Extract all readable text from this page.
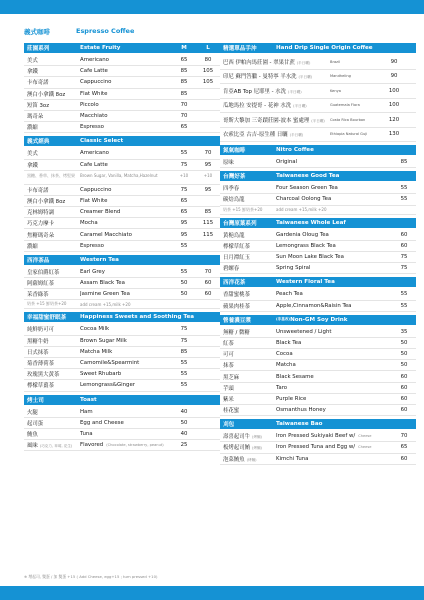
義式咖啡	Espresso Coffee
莊園系列	Estate Fruity	M	L
美式	Americano	65	80
拿鐵	Cafe Latte	85	105
卡布奇諾	Cappuccino	85	105
澳白小拿鐵 8oz	Flat White	85
短笛 3oz	Piccolo	70
瑪奇朵	Macchiato	70
濃縮	Espresso	65
義式經典	Classic Select
美式	Americano	55	70
拿鐵	Cafe Latte	75	95
黑糖、香草、抹茶、烤堅果	Brown Sugar, Vanilla, Matcha,Hazelnut	+10	+10
卡布奇諾	Cappuccino	75	95
澳白小拿鐵 8oz	Flat White	65
克林姆特調	Creamer Blend	65	85
巧克力摩卡	Mocha	95	115
焦糖瑪奇朵	Caramel Macchiato	95	115
濃縮	Espresso	55
西洋茶品	Western Tea
皇家伯爵紅茶	Earl Grey	55	70
阿薩姆紅茶	Assam Black Tea	50	60
茉香綠茶	Jasmine Green Tea	50	60
奶茶 +15 鮮奶茶+20	add cream +15,milk +20
幸福甜蜜舒眠茶	Happiness Sweets and Soothing Tea
純鮮奶可可	Cocoa Milk	75
黑糖牛奶	Brown Sugar Milk	75
日式抹茶	Matcha Milk	85
菊香薄荷茶	Camomile&Spearmint	55
玫瑰黑大黃茶	Sweet Rhubarb	55
檸檬草薑茶	Lemongrass&Ginger	55
烤土司	Toast
火腿	Ham	40
起司蛋	Egg and Cheese	50
鮪魚	Tuna	40
風味 (巧克力, 草莓, 花生)	Flavored (Chocolate, strawberry, peanut)	25
精選單品手沖	Hand Drip Single Origin Coffee
巴西 伊帕內馬莊園 - 翠果甘蔗 (半日曬)	Brazil	90
印尼 蘇門答臘 - 曼特寧 半水洗 (半日曬)	Mandheling	90
肯亞AB Top 尼耶里 - 水洗 (半日曬)	Kenya	100
瓜地馬拉 安提哥 - 花神 水洗 (半日曬)	Guatemala Flora	100
哥斯大黎加 三奇蹟莊園-波本 蜜處理 (半日曬)	Costa Rica Bourbon	120
衣索比亞 古吉-原生種 日曬 (半日曬)	Ethiopia Natural Guji	130
氮氣咖啡	Nitro Coffee
原味	Original	85
台灣好茶	Taiwanese Good Tea
四季春	Four Season Green Tea	55
碳焙烏龍	Charcoal Oolong Tea	55
奶茶 +15 鮮奶茶+20	add cream +15,milk +20
台灣原葉系列	Taiwanese Whole Leaf
黃梔烏龍	Gardenia Oloug Tea	60
檸檬草紅茶	Lemongrass Black Tea	60
日月潭紅玉	Sun Moon Lake Black Tea	75
碧螺春	Spring Spiral	75
西洋花茶	Western Floral Tea
香甜蜜桃茶	Peach Tea	55
蘋果肉桂茶	Apple,Cinnamon&Raisin Tea	55
營養濃豆漿	(非基改) Non-GM Soy Drink
無糖 / 微糖	Unsweetened / Light	35
紅茶	Black Tea	50
可可	Cocoa	50
抹茶	Matcha	50
黑芝麻	Black Sesame	60
芋頭	Taro	60
紫米	Purple Rice	60
桂花蜜	Osmanthus Honey	60
刈包	Taiwanese Bao
壽喜起司牛 (烤麵)	Iron Pressed Sukiyaki Beef w/ Cheese	70
板烤起司鮪 (烤麵)	Iron Pressed Tuna and Egg w/ Cheese	65
泡菜鮪魚 (烤麵)	Kimchi Tuna	60
※ 增起司, 雙蛋 / 加 雙蛋 +15 ( Add Cheese, egg+15 ; tum pressed +10)
